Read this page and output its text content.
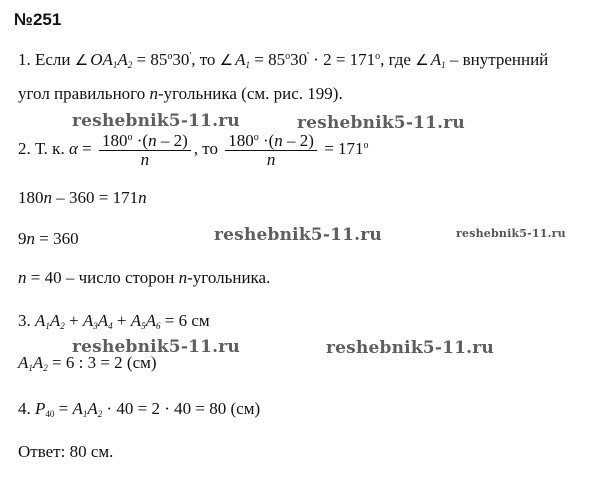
№251
1. Если ∠ $OA_1A_2 = 85^o30'$, то ∠ $A_1 = 85^o30' \cdot 2 = 171^o$, где ∠ $A_1$ – внутренний
угол правильного n-угольника (см. рис. 199).
reshebnik5-11.ru	reshebnik5-11.ru
2. Т. к. $\alpha = \frac{180^o \cdot(n - 2)}{n}$ , то $\frac{180^o \cdot(n - 2)}{n} = 171^o$
180n – 360 = 171n
9n = 360	reshebnik5-11.ru	reshebnik5-11.ru
n = 40 – число сторон n-угольника.
3. $A_1A_2 + A_3A_4 + A_5A_6 = 6$ см
reshebnik5-11.ru	reshebnik5-11.ru
$A_1A_2 = 6$ : 3 = 2 (см)
4. $P_{40} = A_1A_2 \cdot 40 = 2 \cdot 40 = 80$ (см)
Ответ: 80 см.
